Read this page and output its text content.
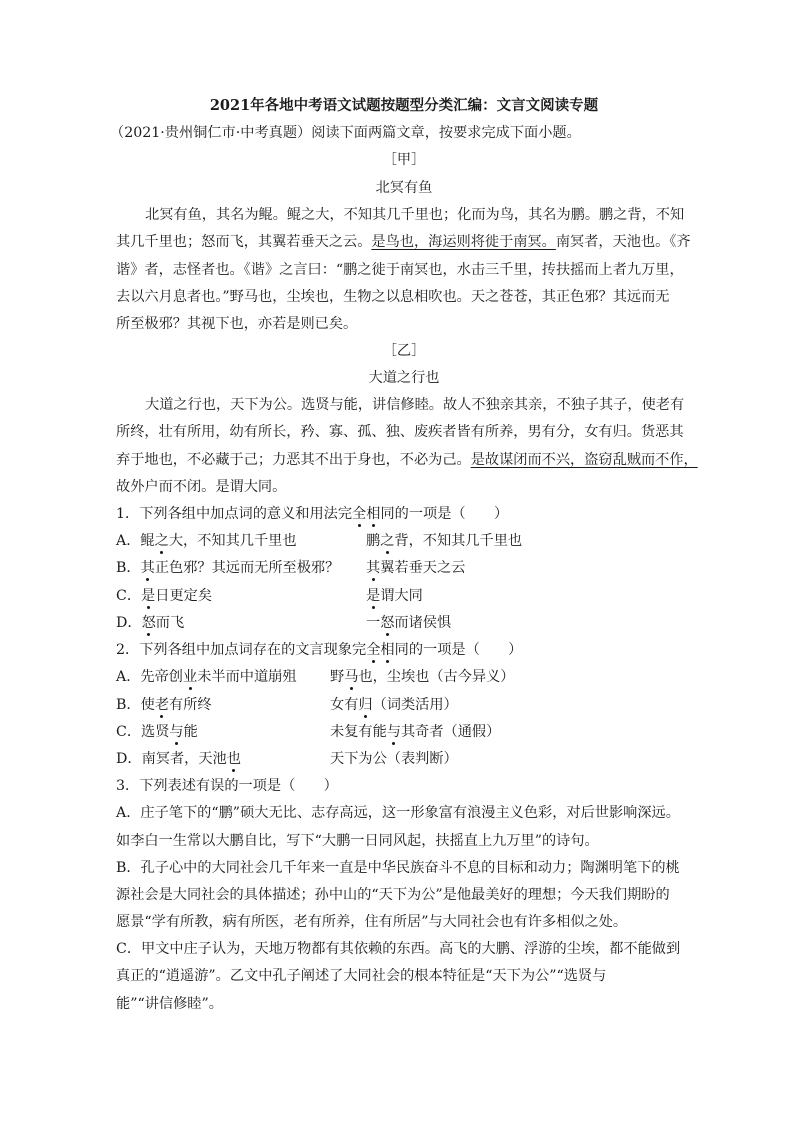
2021年各地中考语文试题按题型分类汇编：文言文阅读专题
（2021·贵州铜仁市·中考真题）阅读下面两篇文章，按要求完成下面小题。
［甲］
北冥有鱼
北冥有鱼，其名为鲲。鲲之大，不知其几千里也；化而为鸟，其名为鹏。鹏之背，不知
其几千里也；怒而飞，其翼若垂天之云。是鸟也，海运则将徙于南冥。南冥者，天池也。《齐
谐》者，志怪者也。《谐》之言曰：“鹏之徙于南冥也，水击三千里，抟扶摇而上者九万里，
去以六月息者也。”野马也，尘埃也，生物之以息相吹也。天之苍苍，其正色邪？其远而无
所至极邪？其视下也，亦若是则已矣。
［乙］
大道之行也
大道之行也，天下为公。选贤与能，讲信修睦。故人不独亲其亲，不独子其子，使老有
所终，壮有所用，幼有所长，矜、寡、孤、独、废疾者皆有所养，男有分，女有归。货恶其
弃于地也，不必藏于己；力恶其不出于身也，不必为己。是故谋闭而不兴，盗窃乱贼而不作，
故外户而不闭。是谓大同。
1．下列各组中加点词的意义和用法完全相同的一项是（　　）
A．鲲之大，不知其几千里也	鹏之背，不知其几千里也
B．其正色邪？其远而无所至极邪？ 其翼若垂天之云
C．是日更定矣	是谓大同
D．怒而飞	一怒而诸侯惧
2．下列各组中加点词存在的文言现象完全相同的一项是（　　）
A．先帝创业未半而中道崩殂 野马也，尘埃也（古今异义）
B．使老有所终	女有归（词类活用）
C．选贤与能	未复有能与其奇者（通假）
D．南冥者，天池也	天下为公（表判断）
3．下列表述有误的一项是（　　）
A．庄子笔下的“鹏”硕大无比、志存高远，这一形象富有浪漫主义色彩，对后世影响深远。
如李白一生常以大鹏自比，写下“大鹏一日同风起，扶摇直上九万里”的诗句。
B．孔子心中的大同社会几千年来一直是中华民族奋斗不息的目标和动力；陶渊明笔下的桃
源社会是大同社会的具体描述；孙中山的“天下为公”是他最美好的理想；今天我们期盼的
愿景“学有所教，病有所医，老有所养，住有所居”与大同社会也有许多相似之处。
C．甲文中庄子认为，天地万物都有其依赖的东西。高飞的大鹏、浮游的尘埃，都不能做到
真正的“逍遥游”。乙文中孔子阐述了大同社会的根本特征是“天下为公”“选贤与
能”“讲信修睦”。
